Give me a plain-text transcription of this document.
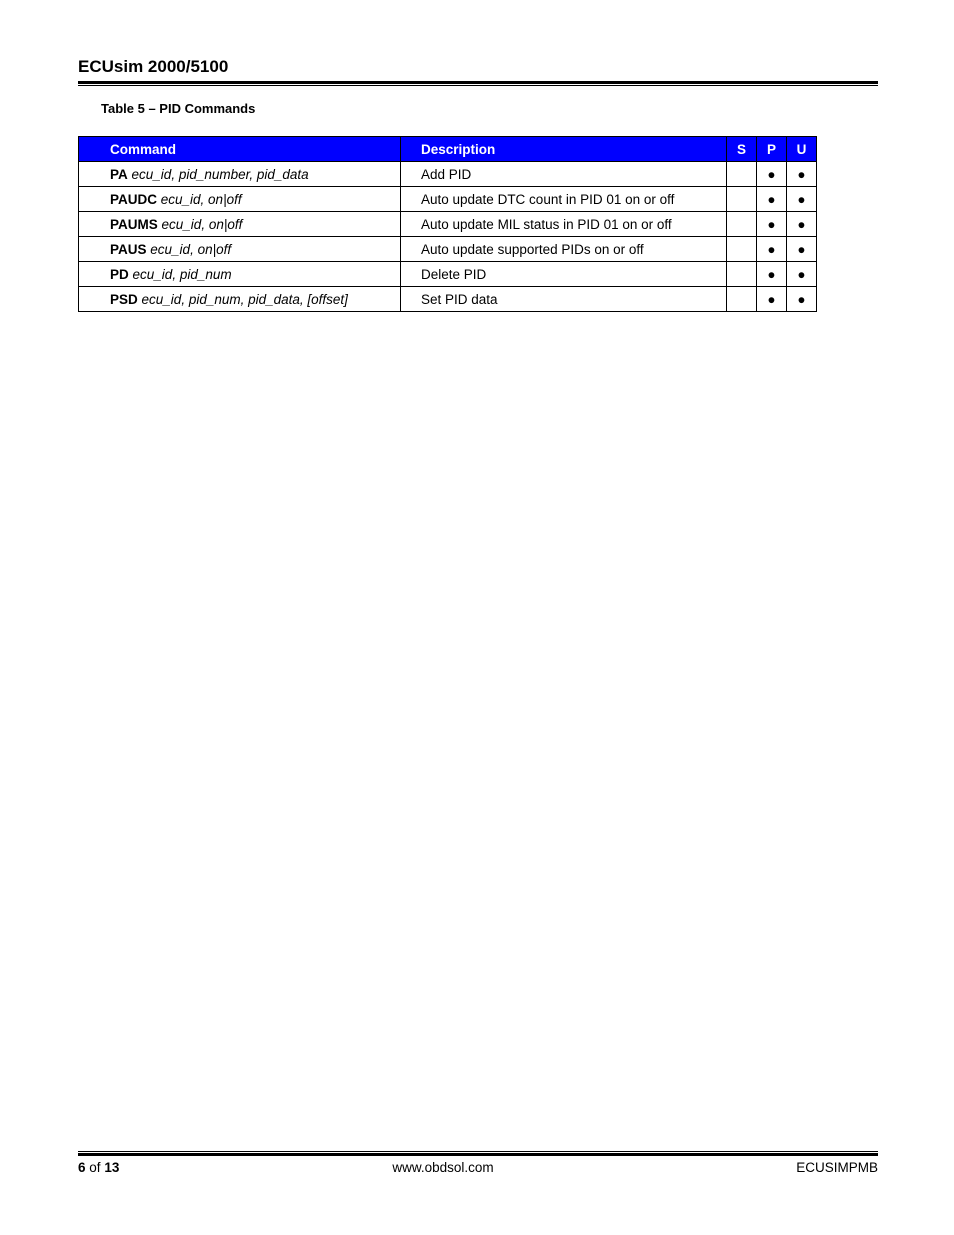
ECUsim 2000/5100
Table 5 – PID Commands
Command	Description	S	P	U
PA ecu_id, pid_number, pid_data	Add PID		●	●
PAUDC ecu_id, on|off	Auto update DTC count in PID 01 on or off		●	●
PAUMS ecu_id, on|off	Auto update MIL status in PID 01 on or off		●	●
PAUS ecu_id, on|off	Auto update supported PIDs on or off		●	●
PD ecu_id, pid_num	Delete PID		●	●
PSD ecu_id, pid_num, pid_data, [offset]	Set PID data		●	●
6 of 13	www.obdsol.com	ECUSIMPMB
